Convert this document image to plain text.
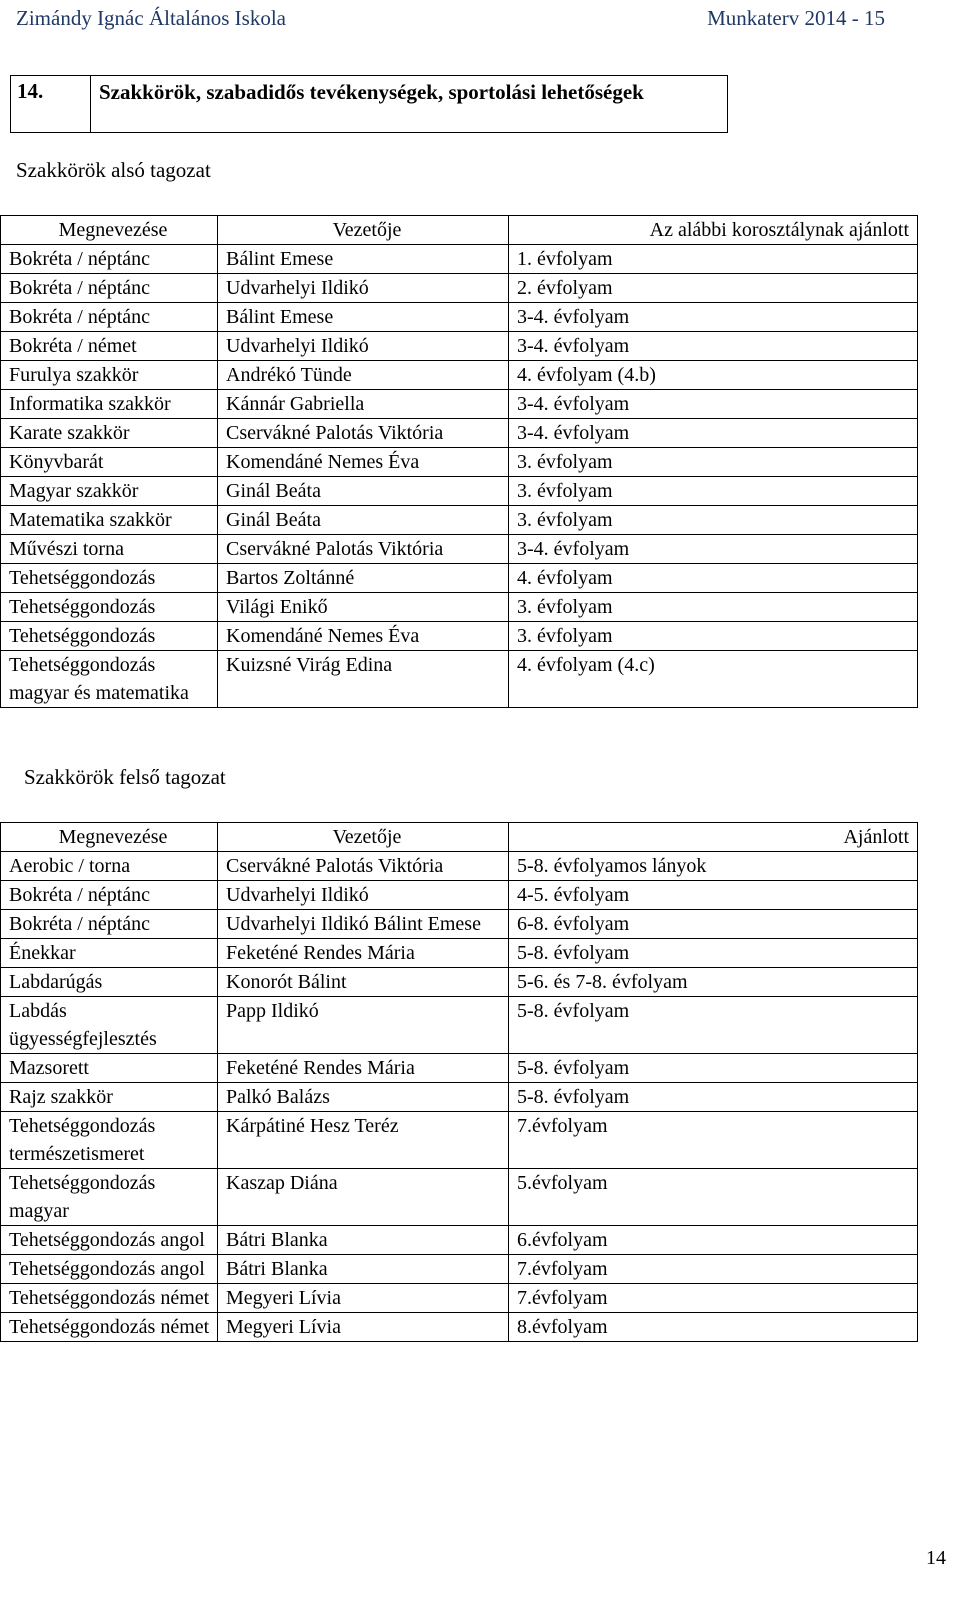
Zimándy Ignác Általános Iskola	Munkaterv 2014 - 15
14.	Szakkörök, szabadidős tevékenységek, sportolási lehetőségek
Szakkörök alsó tagozat
Megnevezése	Vezetője	Az alábbi korosztálynak ajánlott
Bokréta / néptánc	Bálint Emese	1. évfolyam
Bokréta / néptánc	Udvarhelyi Ildikó	2. évfolyam
Bokréta / néptánc	Bálint Emese	3-4. évfolyam
Bokréta / német	Udvarhelyi Ildikó	3-4. évfolyam
Furulya szakkör	Andrékó Tünde	4. évfolyam (4.b)
Informatika szakkör	Kánnár Gabriella	3-4. évfolyam
Karate szakkör	Cservákné Palotás Viktória	3-4. évfolyam
Könyvbarát	Komendáné Nemes Éva	3. évfolyam
Magyar szakkör	Ginál Beáta	3. évfolyam
Matematika szakkör	Ginál Beáta	3. évfolyam
Művészi torna	Cservákné Palotás Viktória	3-4. évfolyam
Tehetséggondozás	Bartos Zoltánné	4. évfolyam
Tehetséggondozás	Világi Enikő	3. évfolyam
Tehetséggondozás	Komendáné Nemes Éva	3. évfolyam
Tehetséggondozás magyar és matematika	Kuizsné Virág Edina	4. évfolyam (4.c)
Szakkörök felső tagozat
Megnevezése	Vezetője	Ajánlott
Aerobic / torna	Cservákné Palotás Viktória	5-8. évfolyamos lányok
Bokréta / néptánc	Udvarhelyi Ildikó	4-5. évfolyam
Bokréta / néptánc	Udvarhelyi Ildikó Bálint Emese	6-8. évfolyam
Énekkar	Feketéné Rendes Mária	5-8. évfolyam
Labdarúgás	Konorót Bálint	5-6. és 7-8. évfolyam
Labdás ügyességfejlesztés	Papp Ildikó	5-8. évfolyam
Mazsorett	Feketéné Rendes Mária	5-8. évfolyam
Rajz szakkör	Palkó Balázs	5-8. évfolyam
Tehetséggondozás természetismeret	Kárpátiné Hesz Teréz	7.évfolyam
Tehetséggondozás magyar	Kaszap Diána	5.évfolyam
Tehetséggondozás angol	Bátri Blanka	6.évfolyam
Tehetséggondozás angol	Bátri Blanka	7.évfolyam
Tehetséggondozás német	Megyeri Lívia	7.évfolyam
Tehetséggondozás német	Megyeri Lívia	8.évfolyam
14
